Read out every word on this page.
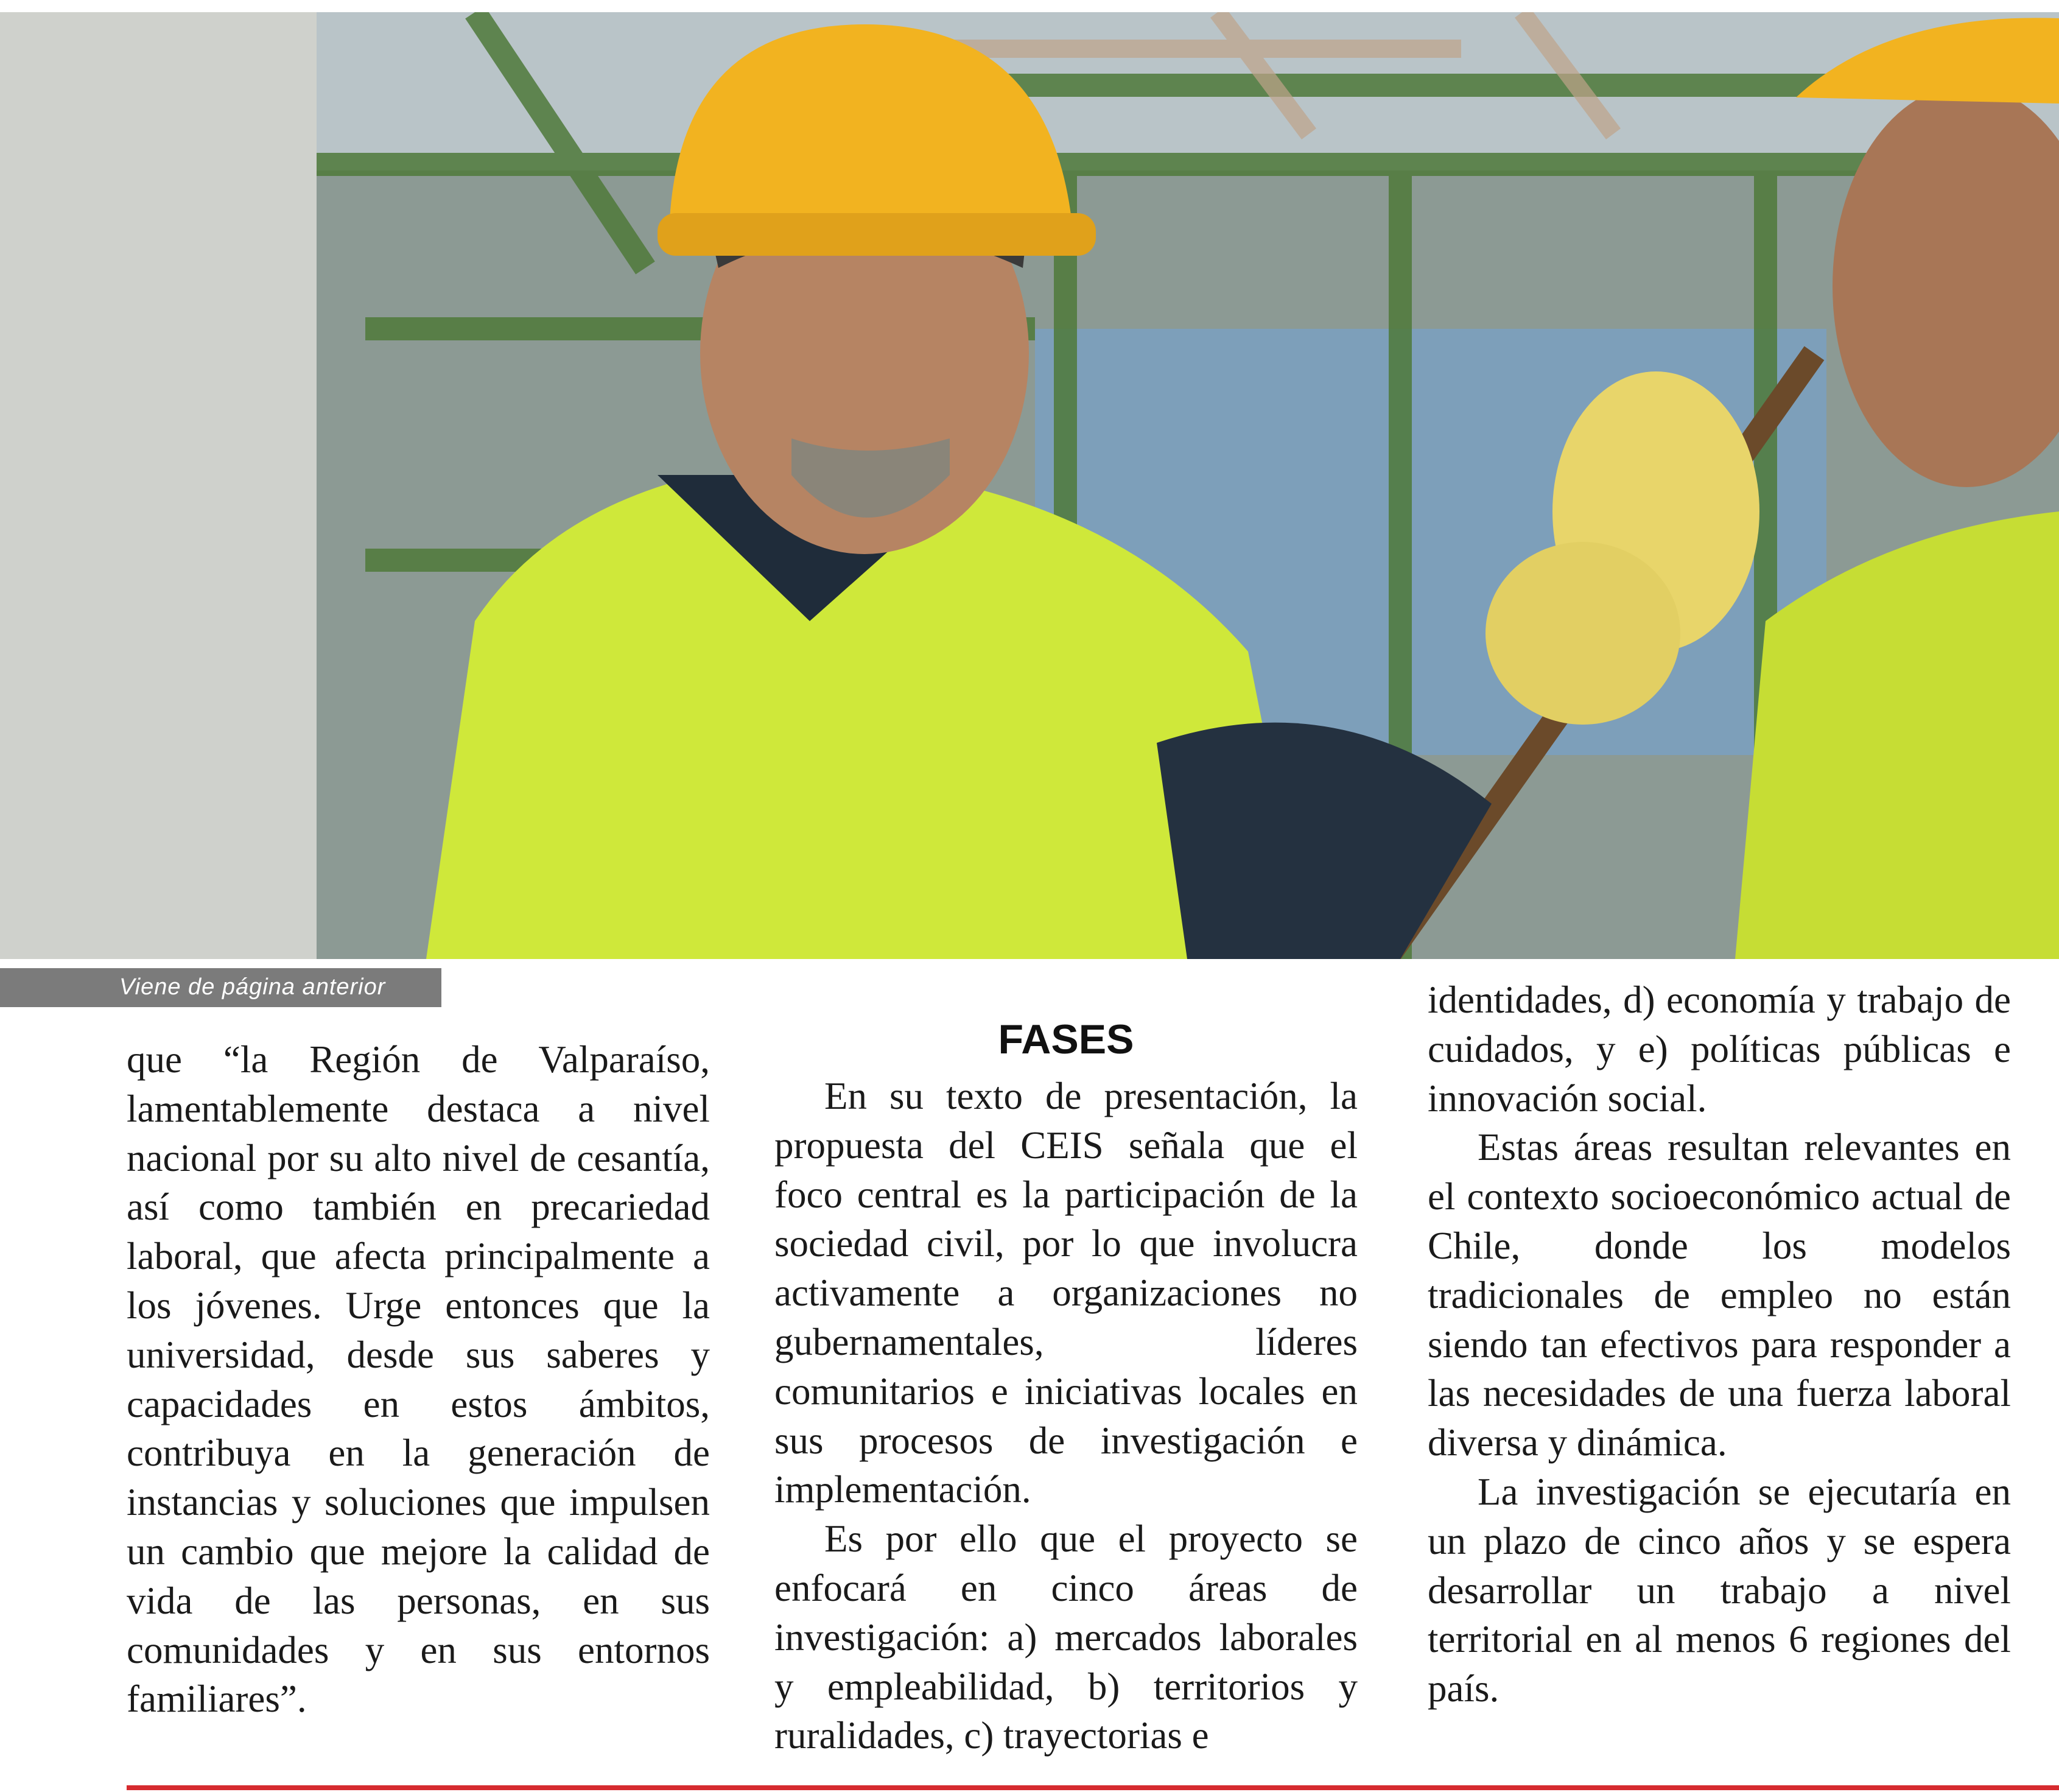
Viene de página anterior

que “la Región de Valparaíso, lamentablemente destaca a nivel nacional por su alto nivel de cesantía, así como también en precariedad laboral, que afecta principalmente a los jóvenes. Urge entonces que la universidad, desde sus saberes y capacidades en estos ámbitos, contribuya en la generación de instancias y soluciones que impulsen un cambio que mejore la calidad de vida de las personas, en sus comunidades y en sus entornos familiares”.

FASES

En su texto de presentación, la propuesta del CEIS señala que el foco central es la participación de la sociedad civil, por lo que involucra activamente a organizaciones no gubernamentales, líderes comunitarios e iniciativas locales en sus procesos de investigación e implementación.

Es por ello que el proyecto se enfocará en cinco áreas de investigación: a) mercados laborales y empleabilidad, b) territorios y ruralidades, c) trayectorias e

identidades, d) economía y trabajo de cuidados, y e) políticas públicas e innovación social.

Estas áreas resultan relevantes en el contexto socioeconómico actual de Chile, donde los modelos tradicionales de empleo no están siendo tan efectivos para responder a las necesidades de una fuerza laboral diversa y dinámica.

La investigación se ejecutaría en un plazo de cinco años y se espera desarrollar un trabajo a nivel territorial en al menos 6 regiones del país.
